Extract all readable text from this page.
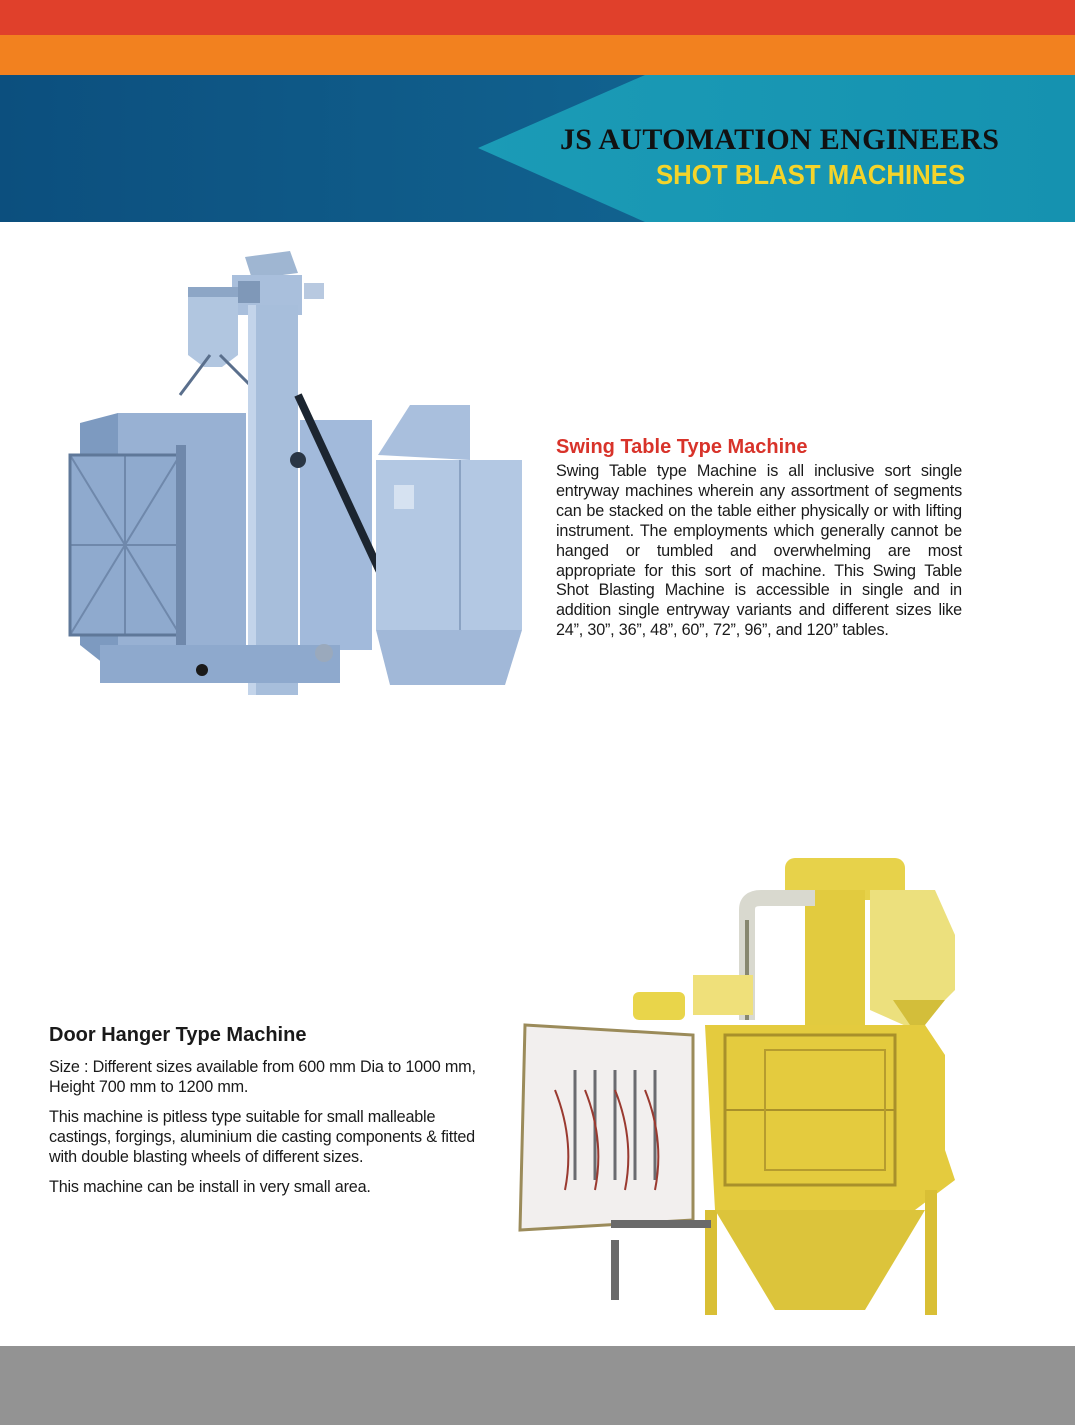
JS AUTOMATION ENGINEERS
SHOT BLAST MACHINES
Swing Table Type Machine
Swing Table type Machine is all inclusive sort single entryway machines wherein any assortment of segments can be stacked on the table either physically or with lifting instrument. The employments which generally cannot be hanged or tumbled and overwhelming are most appropriate for this sort of machine. This Swing Table Shot Blasting Machine is accessible in single and in addition single entryway variants and different sizes like 24”, 30”, 36”, 48”, 60”, 72”, 96”, and 120” tables.
Door Hanger Type Machine

Size : Different sizes available from 600 mm Dia to 1000 mm, Height 700 mm to 1200 mm.

This machine is pitless type suitable for small malleable castings, forgings, aluminium die casting components & fitted with double blasting wheels of different sizes.

This machine can be install in very small area.
